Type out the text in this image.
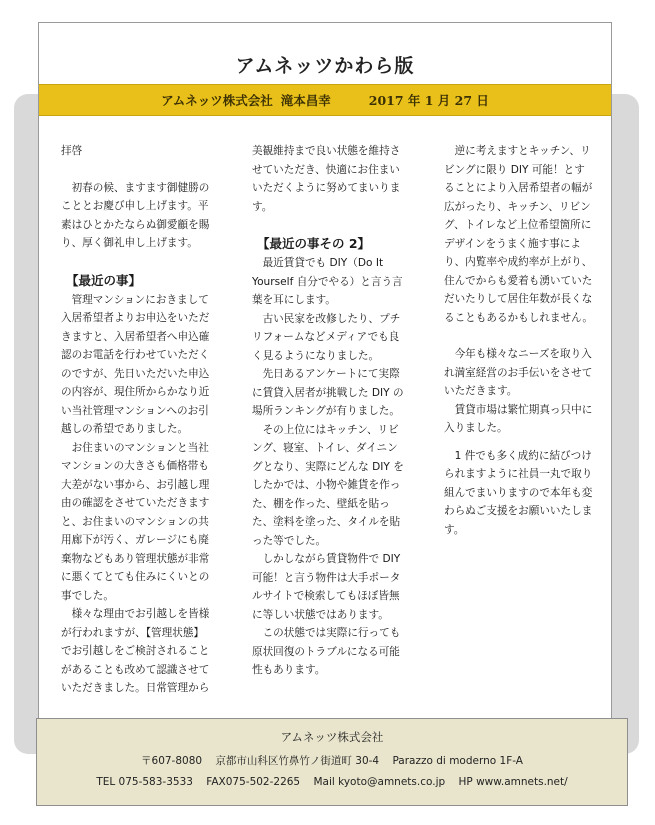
アムネッツかわら版
アムネッツ株式会社 滝本昌幸	2017 年 1 月 27 日

拝啓

初春の候、ますます御健勝のこととお慶び申し上げます。平素はひとかたならぬ御愛顧を賜り、厚く御礼申し上げます。

【最近の事】

管理マンションにおきまして入居希望者よりお申込をいただきますと、入居希望者へ申込確認のお電話を行わせていただくのですが、先日いただいた申込の内容が、現住所からかなり近い当社管理マンションへのお引越しの希望でありました。

お住まいのマンションと当社マンションの大きさも価格帯も大差がない事から、お引越し理由の確認をさせていただきますと、お住まいのマンションの共用廊下が汚く、ガレージにも廃棄物などもあり管理状態が非常に悪くてとても住みにくいとの事でした。

様々な理由でお引越しを皆様が行われますが、【管理状態】でお引越しをご検討されることがあることも改めて認識させていただきました。日常管理から

美観維持まで良い状態を維持させていただき、快適にお住まいいただくように努めてまいります。

【最近の事その 2】

最近賃貸でも DIY（Do It Yourself 自分でやる）と言う言葉を耳にします。

古い民家を改修したり、プチリフォームなどメディアでも良く見るようになりました。

先日あるアンケートにて実際に賃貸入居者が挑戦した DIY の場所ランキングが有りました。

その上位にはキッチン、リビング、寝室、トイレ、ダイニングとなり、実際にどんな DIY をしたかでは、小物や雑貨を作った、棚を作った、壁紙を貼った、塗料を塗った、タイルを貼った等でした。

しかしながら賃貸物件で DIY 可能！と言う物件は大手ポータルサイトで検索してもほぼ皆無に等しい状態ではあります。

この状態では実際に行っても原状回復のトラブルになる可能性もあります。

逆に考えますとキッチン、リビングに限り DIY 可能！とすることにより入居希望者の幅が広がったり、キッチン、リビング、トイレなど上位希望箇所にデザインをうまく施す事により、内覧率や成約率が上がり、住んでからも愛着も湧いていただいたりして居住年数が長くなることもあるかもしれません。

今年も様々なニーズを取り入れ満室経営のお手伝いをさせていただきます。

賃貸市場は繁忙期真っ只中に入りました。

1 件でも多く成約に結びつけられますように社員一丸で取り組んでまいりますので本年も変わらぬご支援をお願いいたします。

アムネッツ株式会社
〒607-8080 京都市山科区竹鼻竹ノ街道町 30-4 Parazzo di moderno 1F-A
TEL 075-583-3533 FAX075-502-2265 Mail kyoto@amnets.co.jp HP www.amnets.net/
